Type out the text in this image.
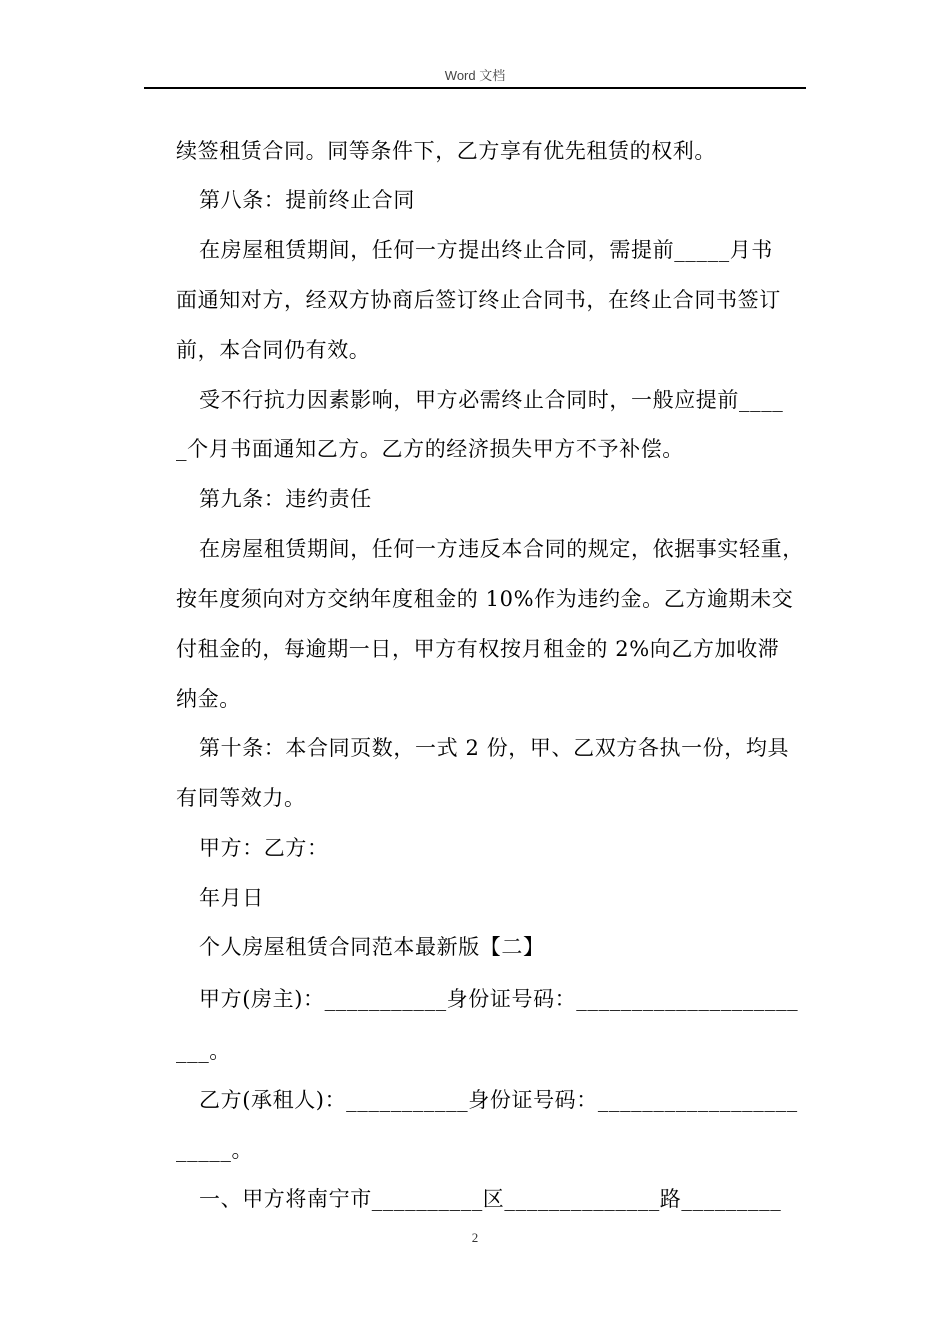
Word 文档
续签租赁合同。同等条件下，乙方享有优先租赁的权利。
第八条：提前终止合同
在房屋租赁期间，任何一方提出终止合同，需提前_____月书
面通知对方，经双方协商后签订终止合同书，在终止合同书签订
前，本合同仍有效。
受不行抗力因素影响，甲方必需终止合同时，一般应提前____
_个月书面通知乙方。乙方的经济损失甲方不予补偿。
第九条：违约责任
在房屋租赁期间，任何一方违反本合同的规定，依据事实轻重，
按年度须向对方交纳年度租金的 10%作为违约金。乙方逾期未交
付租金的，每逾期一日，甲方有权按月租金的 2%向乙方加收滞
纳金。
第十条：本合同页数，一式 2 份，甲、乙双方各执一份，均具
有同等效力。
甲方：乙方：
年月日
个人房屋租赁合同范本最新版【二】
甲方(房主)：___________身份证号码：____________________
___。
乙方(承租人)：___________身份证号码：__________________
_____。
一、甲方将南宁市__________区______________路_________
2
